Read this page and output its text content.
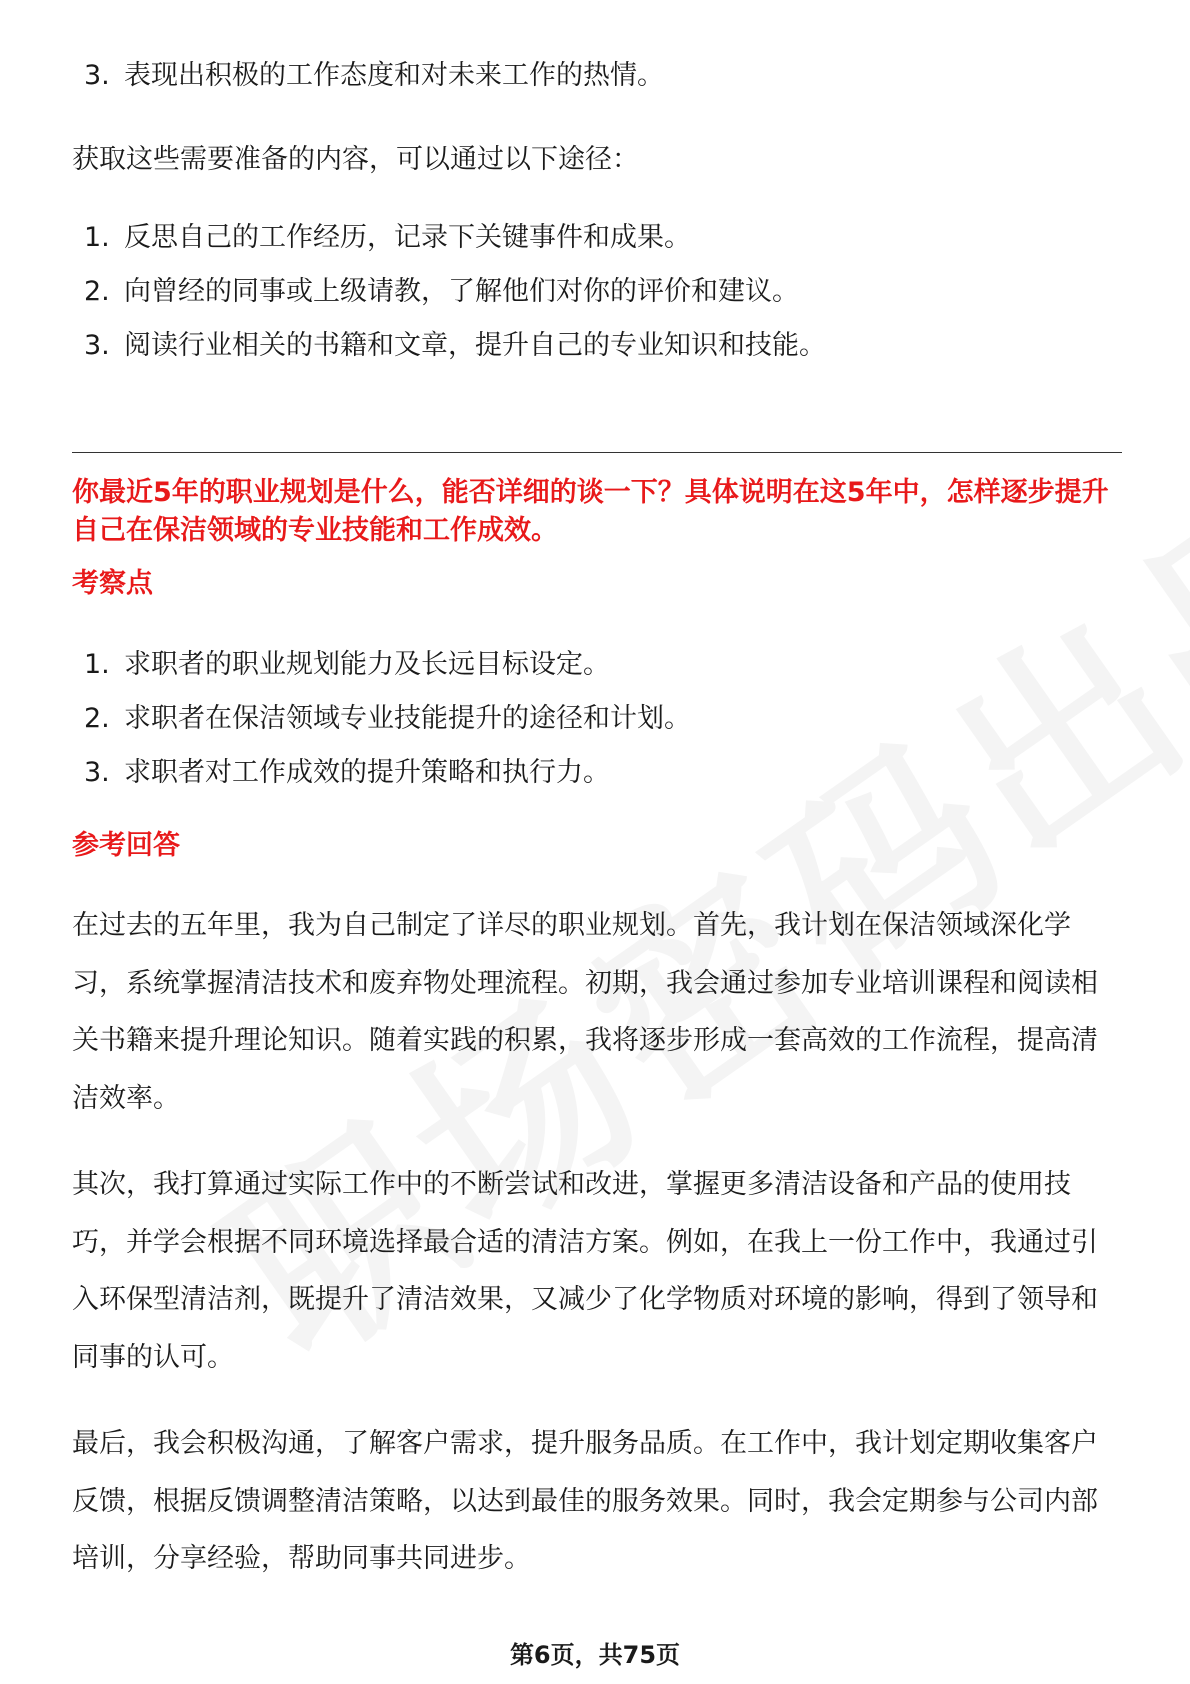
3. 表现出积极的工作态度和对未来工作的热情。

获取这些需要准备的内容，可以通过以下途径：

1. 反思自己的工作经历，记录下关键事件和成果。
2. 向曾经的同事或上级请教，了解他们对你的评价和建议。
3. 阅读行业相关的书籍和文章，提升自己的专业知识和技能。

你最近5年的职业规划是什么，能否详细的谈一下？具体说明在这5年中，怎样逐步提升自己在保洁领域的专业技能和工作成效。

考察点

1. 求职者的职业规划能力及长远目标设定。
2. 求职者在保洁领域专业技能提升的途径和计划。
3. 求职者对工作成效的提升策略和执行力。

参考回答

在过去的五年里，我为自己制定了详尽的职业规划。首先，我计划在保洁领域深化学习，系统掌握清洁技术和废弃物处理流程。初期，我会通过参加专业培训课程和阅读相关书籍来提升理论知识。随着实践的积累，我将逐步形成一套高效的工作流程，提高清洁效率。

其次，我打算通过实际工作中的不断尝试和改进，掌握更多清洁设备和产品的使用技巧，并学会根据不同环境选择最合适的清洁方案。例如，在我上一份工作中，我通过引入环保型清洁剂，既提升了清洁效果，又减少了化学物质对环境的影响，得到了领导和同事的认可。

最后，我会积极沟通，了解客户需求，提升服务品质。在工作中，我计划定期收集客户反馈，根据反馈调整清洁策略，以达到最佳的服务效果。同时，我会定期参与公司内部培训，分享经验，帮助同事共同进步。

第6页，共75页
